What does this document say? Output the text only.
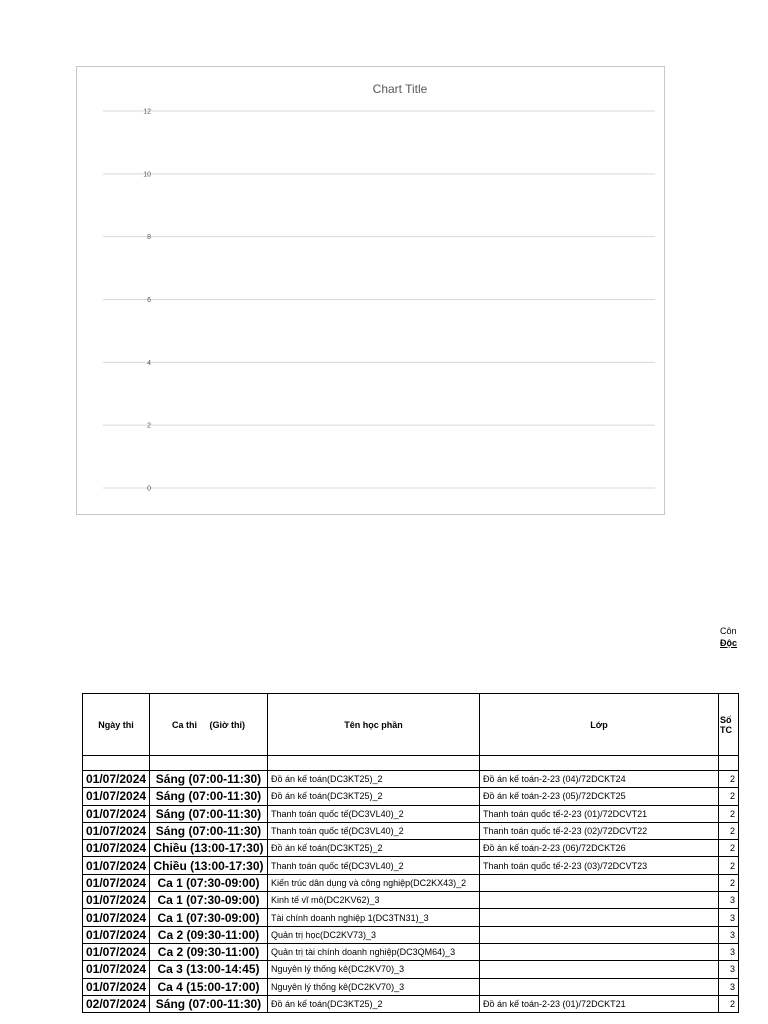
Chart Title
0
2
4
6
8
10
12
Côn
Độc
Ngày thi	Ca thi     (Giờ thi)	Tên học phần	Lớp	Số TC

01/07/2024	Sáng (07:00-11:30)	Đồ án kế toán(DC3KT25)_2	Đồ án kế toán-2-23 (04)/72DCKT24	2
01/07/2024	Sáng (07:00-11:30)	Đồ án kế toán(DC3KT25)_2	Đồ án kế toán-2-23 (05)/72DCKT25	2
01/07/2024	Sáng (07:00-11:30)	Thanh toán quốc tế(DC3VL40)_2	Thanh toán quốc tế-2-23 (01)/72DCVT21	2
01/07/2024	Sáng (07:00-11:30)	Thanh toán quốc tế(DC3VL40)_2	Thanh toán quốc tế-2-23 (02)/72DCVT22	2
01/07/2024	Chiều (13:00-17:30)	Đồ án kế toán(DC3KT25)_2	Đồ án kế toán-2-23 (06)/72DCKT26	2
01/07/2024	Chiều (13:00-17:30)	Thanh toán quốc tế(DC3VL40)_2	Thanh toán quốc tế-2-23 (03)/72DCVT23	2
01/07/2024	Ca 1 (07:30-09:00)	Kiến trúc dân dụng và công nghiệp(DC2KX43)_2		2
01/07/2024	Ca 1 (07:30-09:00)	Kinh tế vĩ mô(DC2KV62)_3		3
01/07/2024	Ca 1 (07:30-09:00)	Tài chính doanh nghiệp 1(DC3TN31)_3		3
01/07/2024	Ca 2 (09:30-11:00)	Quản trị học(DC2KV73)_3		3
01/07/2024	Ca 2 (09:30-11:00)	Quản trị tài chính doanh nghiệp(DC3QM64)_3		3
01/07/2024	Ca 3 (13:00-14:45)	Nguyên lý thống kê(DC2KV70)_3		3
01/07/2024	Ca 4 (15:00-17:00)	Nguyên lý thống kê(DC2KV70)_3		3
02/07/2024	Sáng (07:00-11:30)	Đồ án kế toán(DC3KT25)_2	Đồ án kế toán-2-23 (01)/72DCKT21	2
